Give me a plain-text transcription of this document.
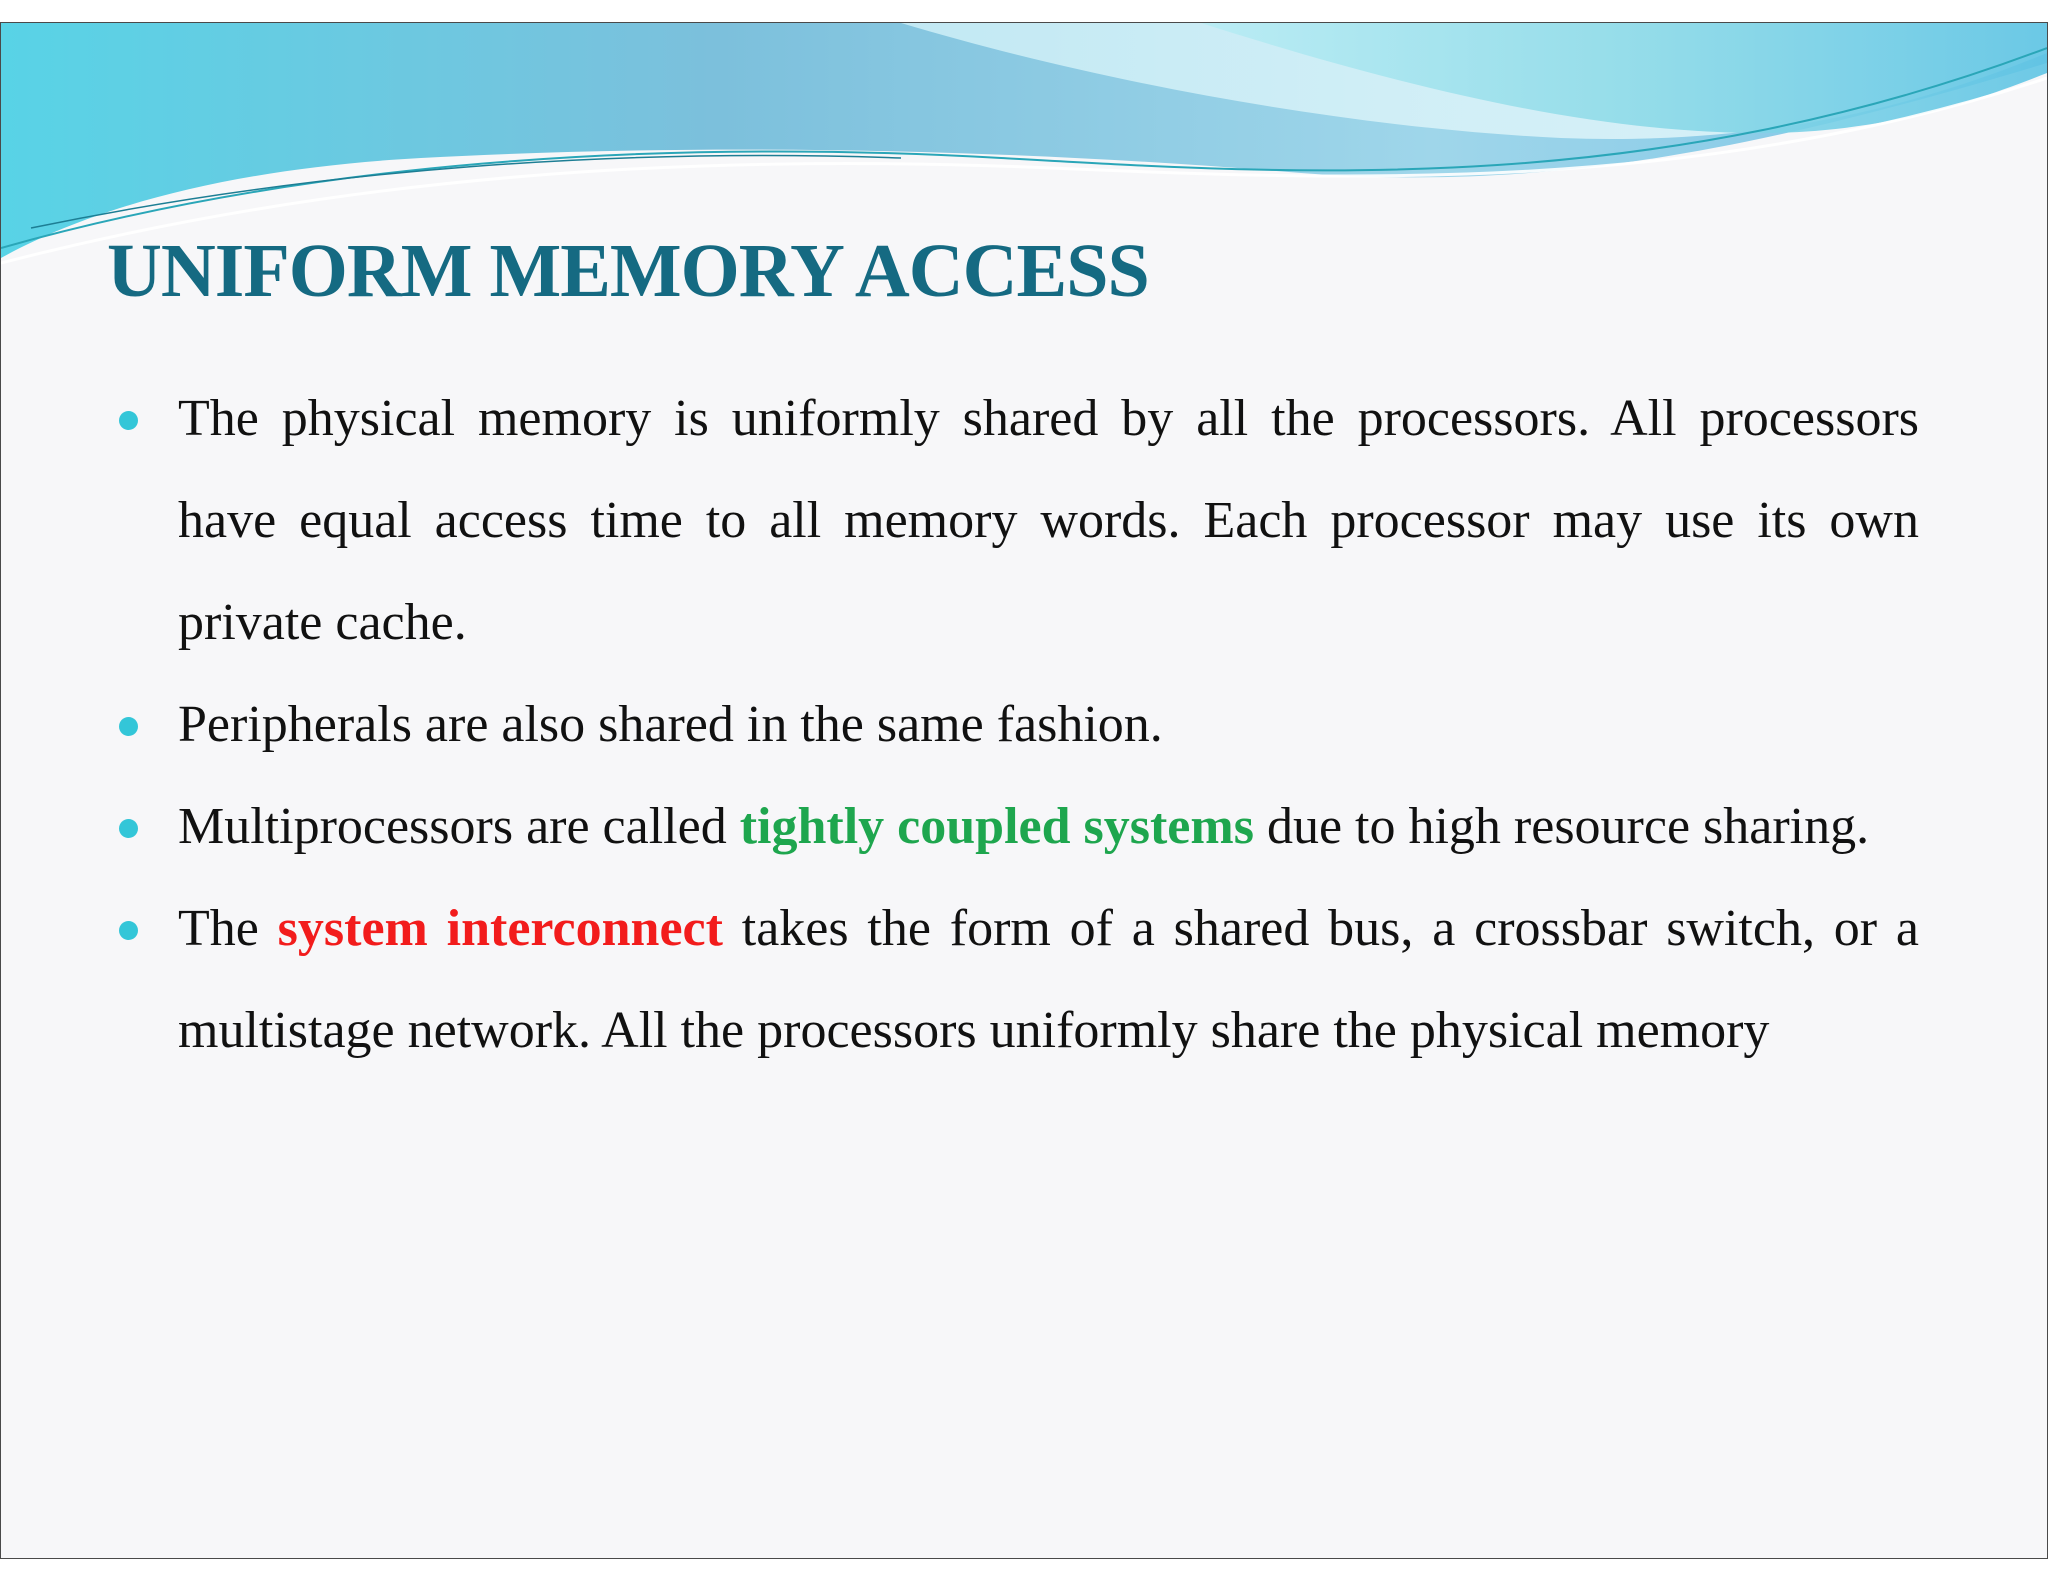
UNIFORM MEMORY ACCESS
The physical memory is uniformly shared by all the processors. All processors have equal access time to all memory words. Each processor may use its own private cache.
Peripherals are also shared in the same fashion.
Multiprocessors are called tightly coupled systems due to high resource sharing.
The system interconnect takes the form of a shared bus, a crossbar switch, or a multistage network. All the processors uniformly share the physical memory
